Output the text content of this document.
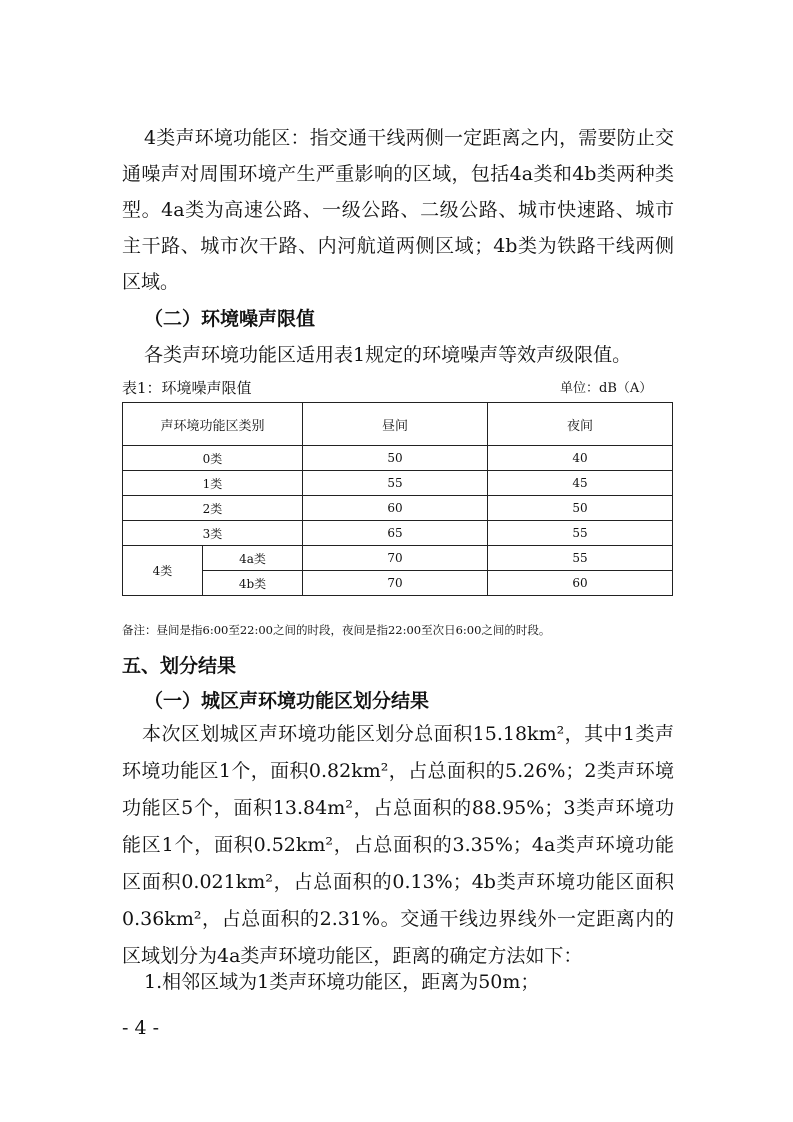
4类声环境功能区：指交通干线两侧一定距离之内，需要防止交通噪声对周围环境产生严重影响的区域，包括4a类和4b类两种类型。4a类为高速公路、一级公路、二级公路、城市快速路、城市主干路、城市次干路、内河航道两侧区域；4b类为铁路干线两侧区域。

（二）环境噪声限值

各类声环境功能区适用表1规定的环境噪声等效声级限值。

表1：环境噪声限值	单位：dB（A）
声环境功能区类别		昼间	夜间
0类		50	40
1类		55	45
2类		60	50
3类		65	55
4类	4a类	70	55
	4b类	70	60
备注：昼间是指6:00至22:00之间的时段，夜间是指22:00至次日6:00之间的时段。

五、划分结果

（一）城区声环境功能区划分结果

本次区划城区声环境功能区划分总面积15.18km²，其中1类声环境功能区1个，面积0.82km²，占总面积的5.26%；2类声环境功能区5个，面积13.84m²，占总面积的88.95%；3类声环境功能区1个，面积0.52km²，占总面积的3.35%；4a类声环境功能区面积0.021km²，占总面积的0.13%；4b类声环境功能区面积0.36km²，占总面积的2.31%。交通干线边界线外一定距离内的区域划分为4a类声环境功能区，距离的确定方法如下：

1.相邻区域为1类声环境功能区，距离为50m；

- 4 -
